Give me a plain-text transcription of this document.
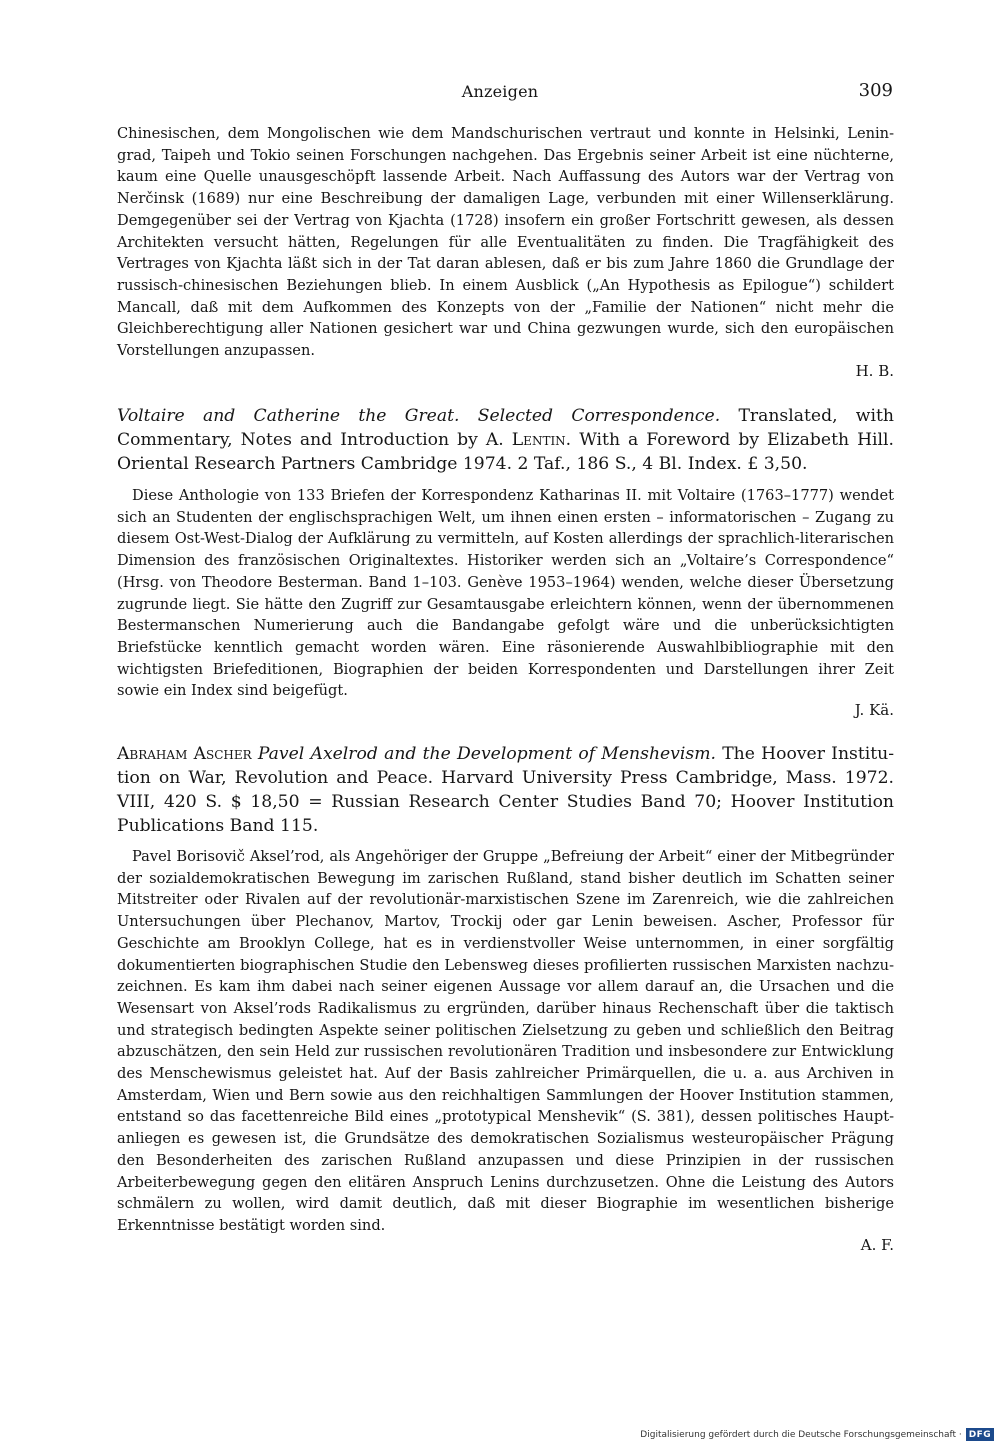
Anzeigen	309

Chinesischen, dem Mongolischen wie dem Mandschurischen vertraut und konnte in Helsinki, Leningrad, Taipeh und Tokio seinen Forschungen nachgehen. Das Ergebnis seiner Arbeit ist eine nüchterne, kaum eine Quelle unausgeschöpft lassende Arbeit. Nach Auffassung des Autors war der Vertrag von Nerčinsk (1689) nur eine Beschreibung der damaligen Lage, verbunden mit einer Willenserklärung. Demgegenüber sei der Vertrag von Kjachta (1728) insofern ein großer Fortschritt gewesen, als dessen Architekten versucht hätten, Regelungen für alle Eventualitäten zu finden. Die Tragfähigkeit des Vertrages von Kjachta läßt sich in der Tat daran ablesen, daß er bis zum Jahre 1860 die Grundlage der russisch-chinesischen Beziehungen blieb. In einem Ausblick („An Hypothesis as Epilogue“) schildert Mancall, daß mit dem Aufkommen des Konzepts von der „Familie der Nationen“ nicht mehr die Gleichberechtigung aller Nationen gesichert war und China gezwungen wurde, sich den europäischen Vorstellungen anzupassen.

H. B.

Voltaire and Catherine the Great. Selected Correspondence. Translated, with Commentary, Notes and Introduction by A. Lentin. With a Foreword by Elizabeth Hill. Oriental Research Partners Cambridge 1974. 2 Taf., 186 S., 4 Bl. Index. £ 3,50.

Diese Anthologie von 133 Briefen der Korrespondenz Katharinas II. mit Voltaire (1763–1777) wendet sich an Studenten der englischsprachigen Welt, um ihnen einen ersten – informatorischen – Zugang zu diesem Ost-West-Dialog der Aufklärung zu vermitteln, auf Kosten allerdings der sprachlich-literarischen Dimension des französischen Originaltextes. Historiker werden sich an „Voltaire’s Correspondence“ (Hrsg. von Theodore Besterman. Band 1–103. Genève 1953–1964) wenden, welche dieser Übersetzung zugrunde liegt. Sie hätte den Zugriff zur Gesamtausgabe erleichtern können, wenn der übernommenen Bestermanschen Numerierung auch die Bandangabe gefolgt wäre und die unberücksichtigten Briefstücke kenntlich gemacht worden wären. Eine räsonierende Auswahlbibliographie mit den wichtigsten Briefeditionen, Biographien der beiden Korrespondenten und Darstellungen ihrer Zeit sowie ein Index sind beigefügt.

J. Kä.

Abraham Ascher Pavel Axelrod and the Development of Menshevism. The Hoover Institution on War, Revolution and Peace. Harvard University Press Cambridge, Mass. 1972. VIII, 420 S. $ 18,50 = Russian Research Center Studies Band 70; Hoover Institution Publications Band 115.

Pavel Borisovič Aksel’rod, als Angehöriger der Gruppe „Befreiung der Arbeit“ einer der Mitbegründer der sozialdemokratischen Bewegung im zarischen Rußland, stand bisher deutlich im Schatten seiner Mitstreiter oder Rivalen auf der revolutionär-marxistischen Szene im Zarenreich, wie die zahlreichen Untersuchungen über Plechanov, Martov, Trockij oder gar Lenin beweisen. Ascher, Professor für Geschichte am Brooklyn College, hat es in verdienstvoller Weise unternommen, in einer sorgfältig dokumentierten biographischen Studie den Lebensweg dieses profilierten russischen Marxisten nachzuzeichnen. Es kam ihm dabei nach seiner eigenen Aussage vor allem darauf an, die Ursachen und die Wesensart von Aksel’rods Radikalismus zu ergründen, darüber hinaus Rechenschaft über die taktisch und strategisch bedingten Aspekte seiner politischen Zielsetzung zu geben und schließlich den Beitrag abzuschätzen, den sein Held zur russischen revolutionären Tradition und insbesondere zur Entwicklung des Menschewismus geleistet hat. Auf der Basis zahlreicher Primärquellen, die u. a. aus Archiven in Amsterdam, Wien und Bern sowie aus den reichhaltigen Sammlungen der Hoover Institution stammen, entstand so das facettenreiche Bild eines „prototypical Menshevik“ (S. 381), dessen politisches Hauptanliegen es gewesen ist, die Grundsätze des demokratischen Sozialismus westeuropäischer Prägung den Besonderheiten des zarischen Rußland anzupassen und diese Prinzipien in der russischen Arbeiterbewegung gegen den elitären Anspruch Lenins durchzusetzen. Ohne die Leistung des Autors schmälern zu wollen, wird damit deutlich, daß mit dieser Biographie im wesentlichen bisherige Erkenntnisse bestätigt worden sind.

A. F.

Digitalisierung gefördert durch die Deutsche Forschungsgemeinschaft · DFG
